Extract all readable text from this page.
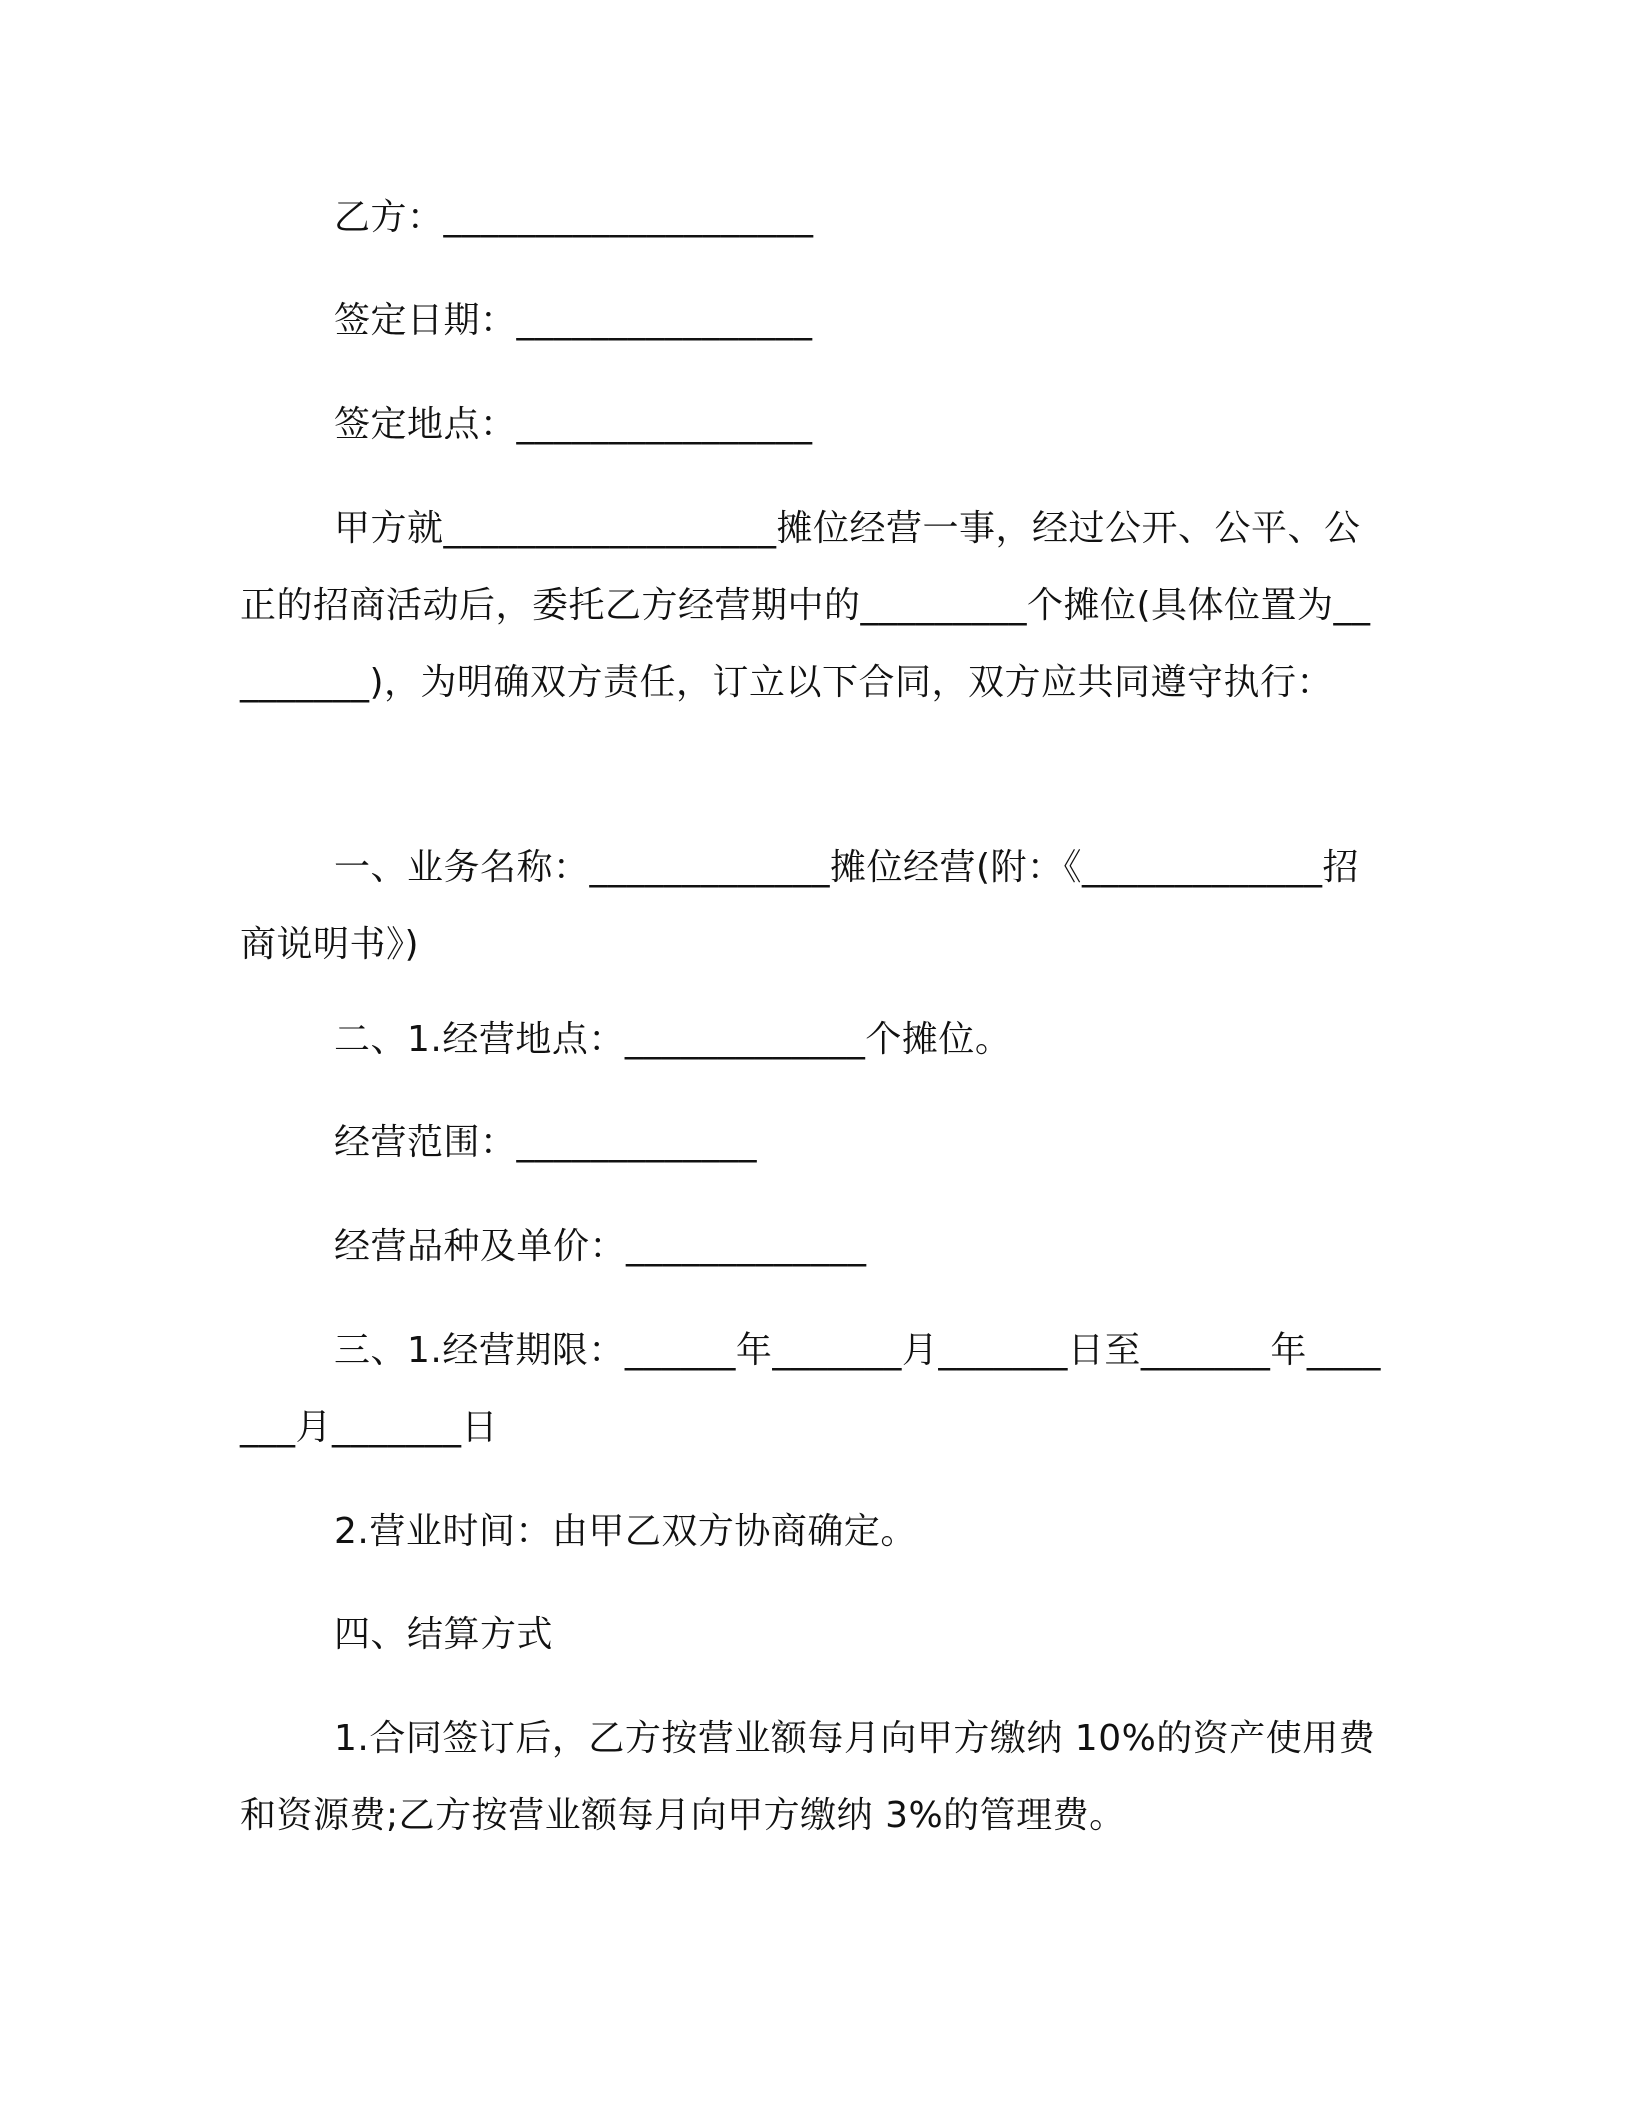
乙方：____________________

签定日期：________________

签定地点：________________

甲方就__________________摊位经营一事，经过公开、公平、公正的招商活动后，委托乙方经营期中的_________个摊位(具体位置为_________)，为明确双方责任，订立以下合同，双方应共同遵守执行：

一、业务名称：_____________摊位经营(附：《_____________招商说明书》)

二、1.经营地点：_____________个摊位。

经营范围：_____________

经营品种及单价：_____________

三、1.经营期限：______年_______月_______日至_______年_______月_______日

2.营业时间：由甲乙双方协商确定。

四、结算方式

1.合同签订后，乙方按营业额每月向甲方缴纳 10%的资产使用费和资源费;乙方按营业额每月向甲方缴纳 3%的管理费。
